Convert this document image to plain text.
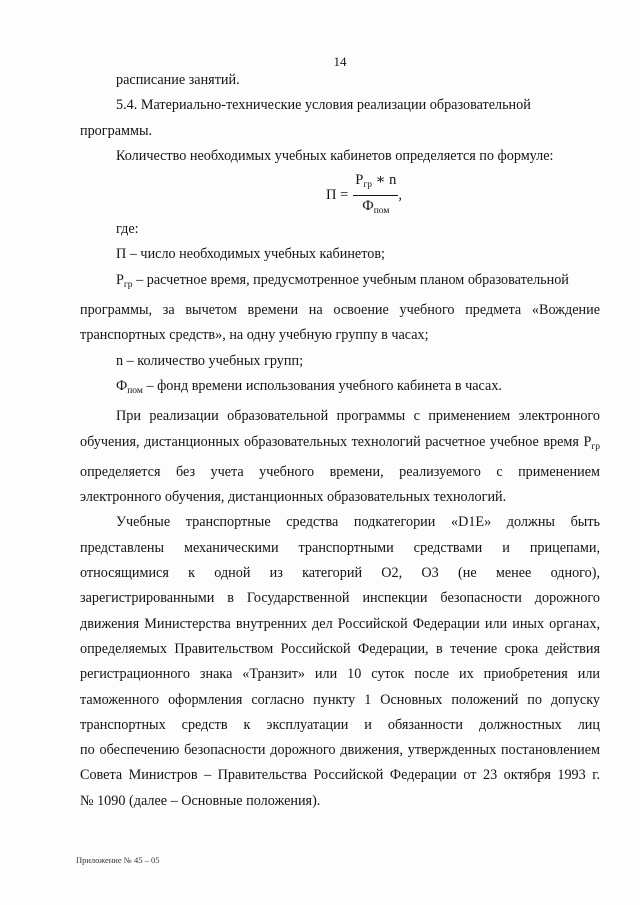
14

расписание занятий.

5.4. Материально-технические условия реализации образовательной

программы.

Количество необходимых учебных кабинетов определяется по формуле:

$П = \frac{P_{гр} ∗ n}{Ф_{пом}}$ ,

где:

П – число необходимых учебных кабинетов;

$P_{гр}$ – расчетное время, предусмотренное учебным планом образовательной

программы, за вычетом времени на освоение учебного предмета «Вождение

транспортных средств», на одну учебную группу в часах;

n – количество учебных групп;

$Ф_{пом}$ – фонд времени использования учебного кабинета в часах.

При реализации образовательной программы с применением электронного

обучения, дистанционных образовательных технологий расчетное учебное время $P_{гр}$

определяется без учета учебного времени, реализуемого с применением

электронного обучения, дистанционных образовательных технологий.

Учебные транспортные средства подкатегории «D1E» должны быть

представлены механическими транспортными средствами и прицепами,

относящимися к одной из категорий O2, O3 (не менее одного),

зарегистрированными в Государственной инспекции безопасности дорожного

движения Министерства внутренних дел Российской Федерации или иных органах,

определяемых Правительством Российской Федерации, в течение срока действия

регистрационного знака «Транзит» или 10 суток после их приобретения или

таможенного оформления согласно пункту 1 Основных положений по допуску

транспортных средств к эксплуатации и обязанности должностных лиц

по обеспечению безопасности дорожного движения, утвержденных постановлением

Совета Министров – Правительства Российской Федерации от 23 октября 1993 г.

№ 1090 (далее – Основные положения).

Приложение № 45 – 05
